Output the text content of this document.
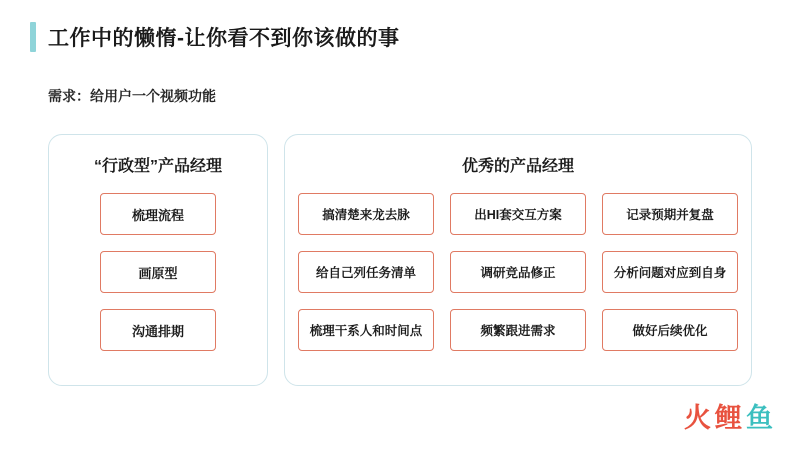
工作中的懒惰-让你看不到你该做的事
需求：给用户一个视频功能
“行政型”产品经理
梳理流程
画原型
沟通排期
优秀的产品经理
搞清楚来龙去脉	出HI套交互方案	记录预期并复盘
给自己列任务清单	调研竞品修正	分析问题对应到自身
梳理干系人和时间点	频繁跟进需求	做好后续优化
火 鲤 鱼
